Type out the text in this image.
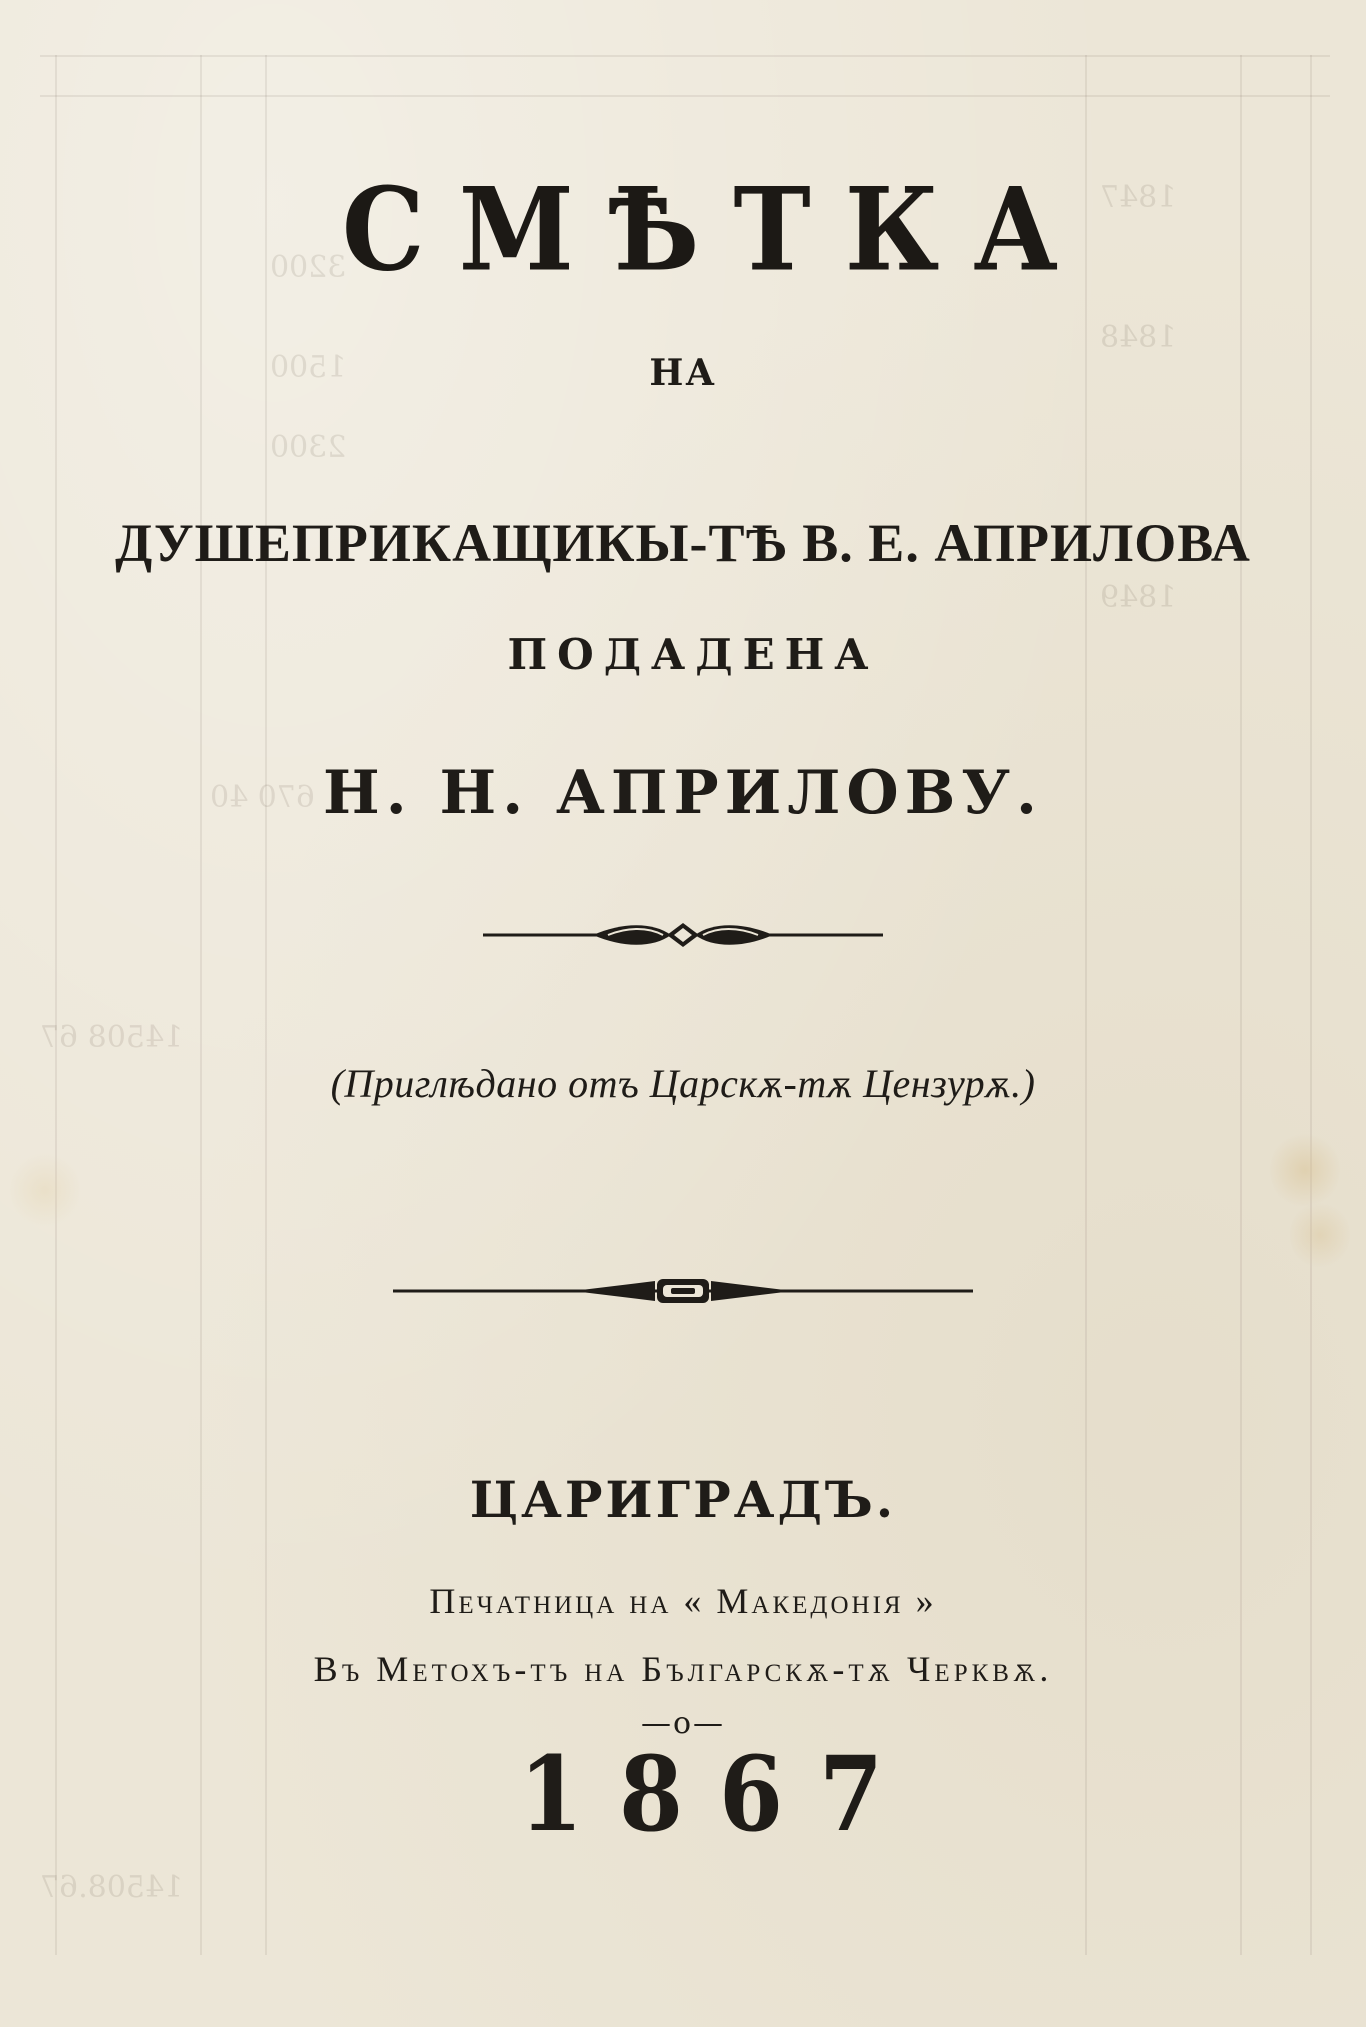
1847
3200
1848
1500
2300
1849
670 40
14508 67
14508.67
СМѢТКА
НА
ДУШЕПРИКАЩИКЫ-ТѢ В. Е. АПРИЛОВА
ПОДАДЕНА
Н. Н. АПРИЛОВУ.
(Приглѣдано отъ Царскѫ-тѫ Цензурѫ.)
ЦАРИГРАДЪ.
Печатница на « Македонія »
Въ Метохъ-тъ на Българскѫ-тѫ Черквѫ.
—о—
1867
